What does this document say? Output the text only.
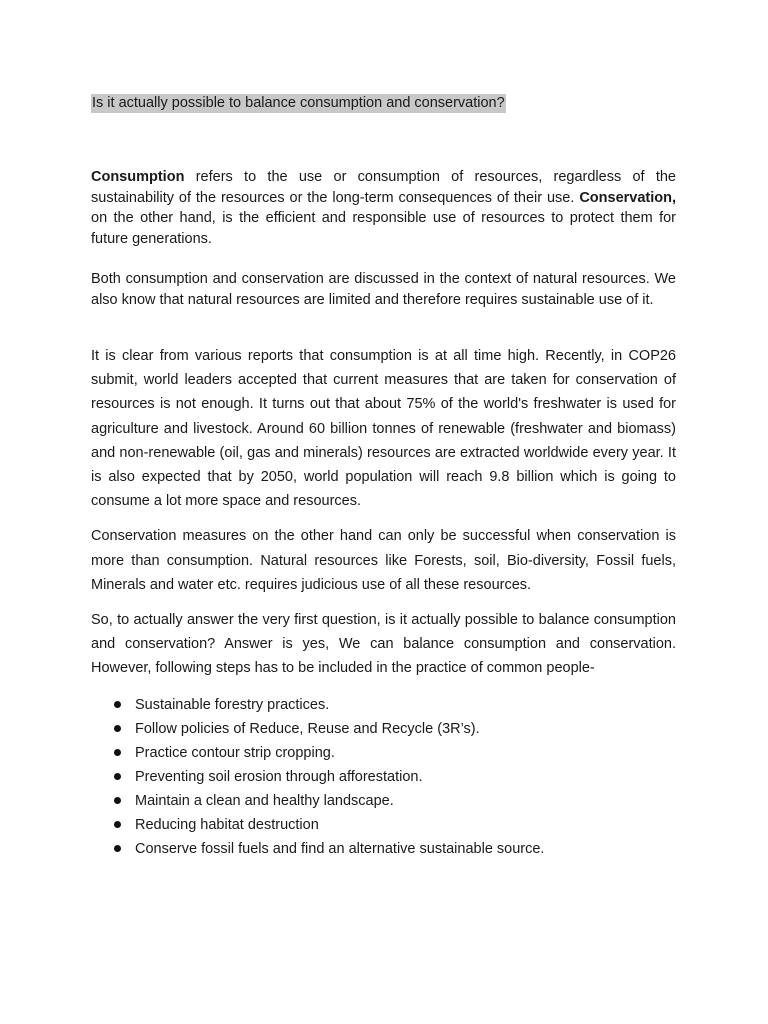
Is it actually possible to balance consumption and conservation?

Consumption refers to the use or consumption of resources, regardless of the sustainability of the resources or the long-term consequences of their use. Conservation, on the other hand, is the efficient and responsible use of resources to protect them for future generations.

Both consumption and conservation are discussed in the context of natural resources. We also know that natural resources are limited and therefore requires sustainable use of it.

It is clear from various reports that consumption is at all time high. Recently, in COP26 submit, world leaders accepted that current measures that are taken for conservation of resources is not enough. It turns out that about 75% of the world's freshwater is used for agriculture and livestock. Around 60 billion tonnes of renewable (freshwater and biomass) and non-renewable (oil, gas and minerals) resources are extracted worldwide every year. It is also expected that by 2050, world population will reach 9.8 billion which is going to consume a lot more space and resources.

Conservation measures on the other hand can only be successful when conservation is more than consumption. Natural resources like Forests, soil, Bio-diversity, Fossil fuels, Minerals and water etc. requires judicious use of all these resources.

So, to actually answer the very first question, is it actually possible to balance consumption and conservation? Answer is yes, We can balance consumption and conservation. However, following steps has to be included in the practice of common people-

Sustainable forestry practices.
Follow policies of Reduce, Reuse and Recycle (3R’s).
Practice contour strip cropping.
Preventing soil erosion through afforestation.
Maintain a clean and healthy landscape.
Reducing habitat destruction
Conserve fossil fuels and find an alternative sustainable source.
